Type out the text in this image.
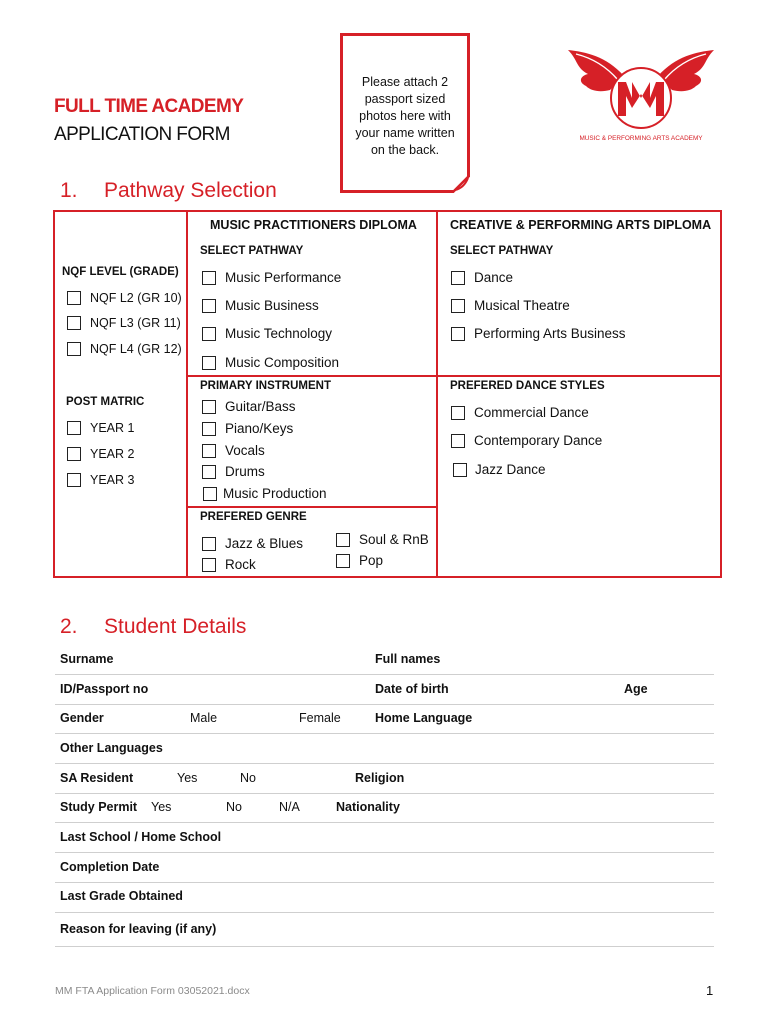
FULL TIME ACADEMY
APPLICATION FORM
Please attach 2 passport sized photos here with your name written on the back.
MUSIC & PERFORMING ARTS ACADEMY
1. Pathway Selection
NQF LEVEL (GRADE)
NQF L2 (GR 10)
NQF L3 (GR 11)
NQF L4 (GR 12)
POST MATRIC
YEAR 1
YEAR 2
YEAR 3
MUSIC PRACTITIONERS DIPLOMA
SELECT PATHWAY
Music Performance
Music Business
Music Technology
Music Composition
PRIMARY INSTRUMENT
Guitar/Bass
Piano/Keys
Vocals
Drums
Music Production
PREFERED GENRE
Jazz & Blues
Rock
Soul & RnB
Pop
CREATIVE & PERFORMING ARTS DIPLOMA
SELECT PATHWAY
Dance
Musical Theatre
Performing Arts Business
PREFERED DANCE STYLES
Commercial Dance
Contemporary Dance
Jazz Dance
2. Student Details
Surname	Full names
ID/Passport no	Date of birth	Age
Gender	Male	Female	Home Language
Other Languages
SA Resident	Yes	No	Religion
Study Permit Yes	No	N/A	Nationality
Last School / Home School
Completion Date
Last Grade Obtained
Reason for leaving (if any)
MM FTA Application Form 03052021.docx	1
